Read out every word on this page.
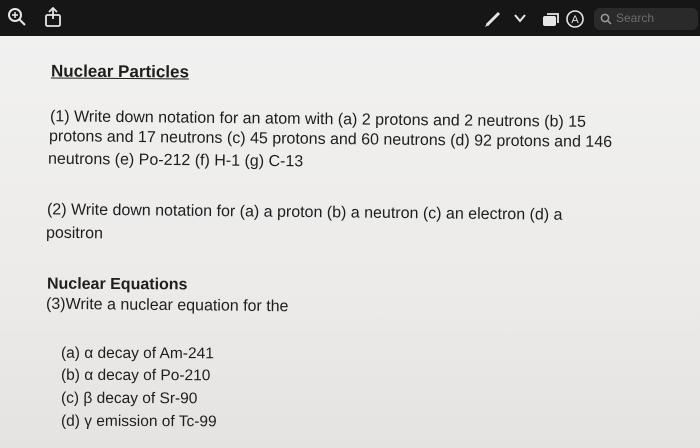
A	Search
Nuclear Particles
(1) Write down notation for an atom with (a) 2 protons and 2 neutrons (b) 15
protons and 17 neutrons (c) 45 protons and 60 neutrons (d) 92 protons and 146
neutrons (e) Po-212 (f) H-1 (g) C-13
(2) Write down notation for (a) a proton (b) a neutron (c) an electron (d) a
positron
Nuclear Equations
(3)Write a nuclear equation for the
(a) α decay of Am-241
(b) α decay of Po-210
(c) β decay of Sr-90
(d) γ emission of Tc-99
